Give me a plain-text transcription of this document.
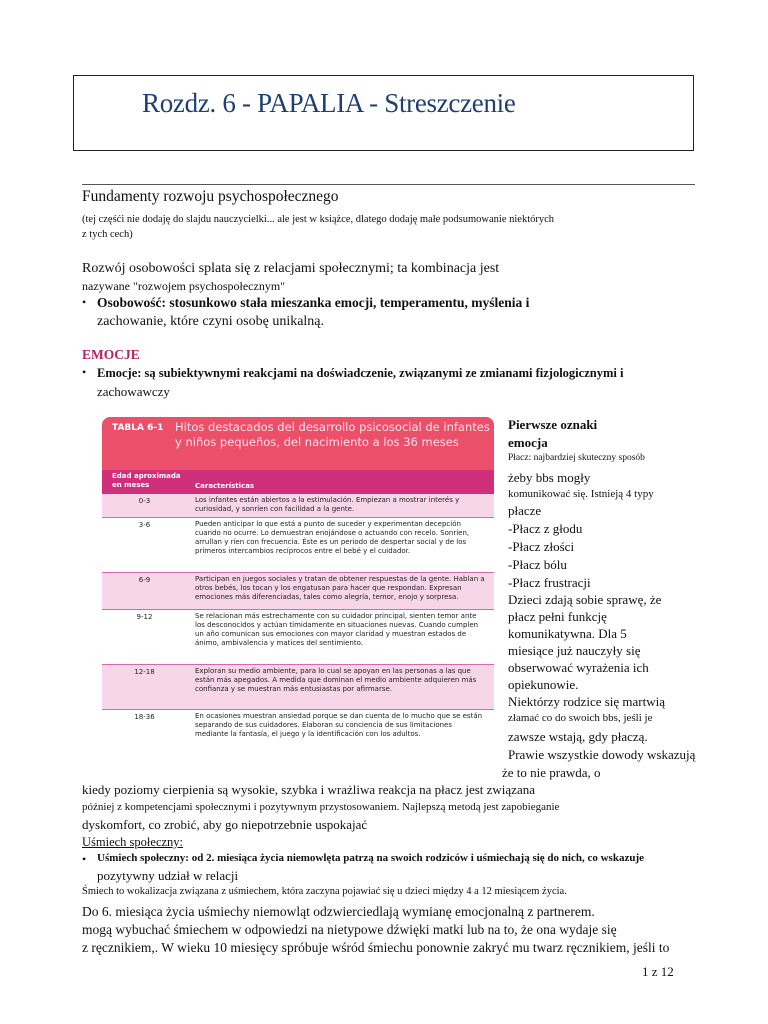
Rozdz. 6 - PAPALIA - Streszczenie
Fundamenty rozwoju psychospołecznego
(tej częśći nie dodaję do slajdu nauczycielki... ale jest w książce, dlatego dodaję małe podsumowanie niektórych
z tych cech)
Rozwój osobowości splata się z relacjami społecznymi; ta kombinacja jest
nazywane "rozwojem psychospołecznym"
• Osobowość: stosunkowo stała mieszanka emocji, temperamentu, myślenia i
zachowanie, które czyni osobę unikalną.
EMOCJE
• Emocje: są subiektywnymi reakcjami na doświadczenie, związanymi ze zmianami fizjologicznymi i
zachowawczy
TABLA 6-1 Hitos destacados del desarrollo psicosocial de infantes y niños pequeños, del nacimiento a los 36 meses
Edad aproximada
en meses	Características
0-3	Los infantes están abiertos a la estimulación. Empiezan a mostrar interés y curiosidad, y sonríen con facilidad a la gente.
3-6	Pueden anticipar lo que está a punto de suceder y experimentan decepción cuando no ocurre. Lo demuestran enojándose o actuando con recelo. Sonríen, arrullan y ríen con frecuencia. Éste es un periodo de despertar social y de los primeros intercambios recíprocos entre el bebé y el cuidador.
6-9	Participan en juegos sociales y tratan de obtener respuestas de la gente. Hablan a otros bebés, los tocan y los engatusan para hacer que respondan. Expresan emociones más diferenciadas, tales como alegría, temor, enojo y sorpresa.
9-12	Se relacionan más estrechamente con su cuidador principal, sienten temor ante los desconocidos y actúan tímidamente en situaciones nuevas. Cuando cumplen un año comunican sus emociones con mayor claridad y muestran estados de ánimo, ambivalencia y matices del sentimiento.
12-18	Exploran su medio ambiente, para lo cual se apoyan en las personas a las que están más apegados. A medida que dominan el medio ambiente adquieren más confianza y se muestran más entusiastas por afirmarse.
18-36	En ocasiones muestran ansiedad porque se dan cuenta de lo mucho que se están separando de sus cuidadores. Elaboran su conciencia de sus limitaciones mediante la fantasía, el juego y la identificación con los adultos.
Pierwsze oznaki
emocja
Płacz: najbardziej skuteczny sposób
żeby bbs mogły
komunikować się. Istnieją 4 typy
płacze
-Płacz z głodu
-Płacz złości
-Płacz bólu
-Płacz frustracji
Dzieci zdają sobie sprawę, że
płacz pełni funkcję
komunikatywna. Dla 5
miesiące już nauczyły się
obserwować wyrażenia ich
opiekunowie.
Niektórzy rodzice się martwią
złamać co do swoich bbs, jeśli je
zawsze wstają, gdy płaczą.
Prawie wszystkie dowody wskazują
że to nie prawda, o
kiedy poziomy cierpienia są wysokie, szybka i wrażliwa reakcja na płacz jest związana
później z kompetencjami społecznymi i pozytywnym przystosowaniem. Najlepszą metodą jest zapobieganie
dyskomfort, co zrobić, aby go niepotrzebnie uspokajać
Uśmiech społeczny:
• Uśmiech społeczny: od 2. miesiąca życia niemowlęta patrzą na swoich rodziców i uśmiechają się do nich, co wskazuje
pozytywny udział w relacji
Śmiech to wokalizacja związana z uśmiechem, która zaczyna pojawiać się u dzieci między 4 a 12 miesiącem życia.
Do 6. miesiąca życia uśmiechy niemowląt odzwierciedlają wymianę emocjonalną z partnerem.
mogą wybuchać śmiechem w odpowiedzi na nietypowe dźwięki matki lub na to, że ona wydaje się
z ręcznikiem,. W wieku 10 miesięcy spróbuje wśród śmiechu ponownie zakryć mu twarz ręcznikiem, jeśli to
1 z 12
